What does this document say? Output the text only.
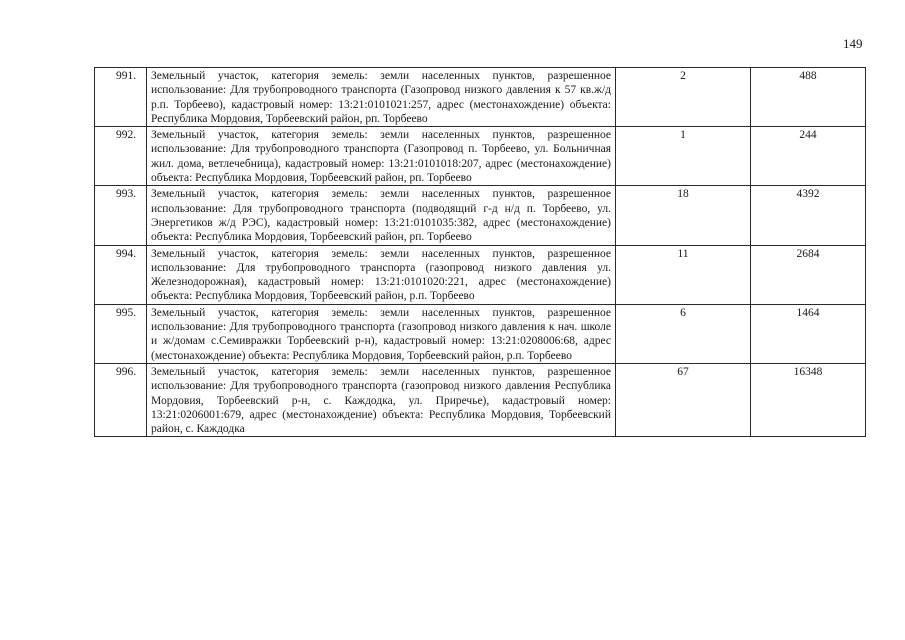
149
991.	Земельный участок, категория земель: земли населенных пунктов, разрешенное использование: Для трубопроводного транспорта (Газопровод низкого давления к 57 кв.ж/д р.п. Торбеево), кадастровый номер: 13:21:0101021:257, адрес (местонахождение) объекта: Республика Мордовия, Торбеевский район, рп. Торбеево	2	488
992.	Земельный участок, категория земель: земли населенных пунктов, разрешенное использование: Для трубопроводного транспорта (Газопровод п. Торбеево, ул. Больничная жил. дома, ветлечебница), кадастровый номер: 13:21:0101018:207, адрес (местонахождение) объекта: Республика Мордовия, Торбеевский район, рп. Торбеево	1	244
993.	Земельный участок, категория земель: земли населенных пунктов, разрешенное использование: Для трубопроводного транспорта (подводящий г-д н/д п. Торбеево, ул. Энергетиков ж/д РЭС), кадастровый номер: 13:21:0101035:382, адрес (местонахождение) объекта: Республика Мордовия, Торбеевский район, рп. Торбеево	18	4392
994.	Земельный участок, категория земель: земли населенных пунктов, разрешенное использование: Для трубопроводного транспорта (газопровод низкого давления ул. Железнодорожная), кадастровый номер: 13:21:0101020:221, адрес (местонахождение) объекта: Республика Мордовия, Торбеевский район, р.п. Торбеево	11	2684
995.	Земельный участок, категория земель: земли населенных пунктов, разрешенное использование: Для трубопроводного транспорта (газопровод низкого давления к нач. школе и ж/домам с.Семивражки Торбеевский р-н), кадастровый номер: 13:21:0208006:68, адрес (местонахождение) объекта: Республика Мордовия, Торбеевский район, р.п. Торбеево	6	1464
996.	Земельный участок, категория земель: земли населенных пунктов, разрешенное использование: Для трубопроводного транспорта (газопровод низкого давления Республика Мордовия, Торбеевский р-н, с. Каждодка, ул. Приречье), кадастровый номер: 13:21:0206001:679, адрес (местонахождение) объекта: Республика Мордовия, Торбеевский район, с. Каждодка	67	16348
